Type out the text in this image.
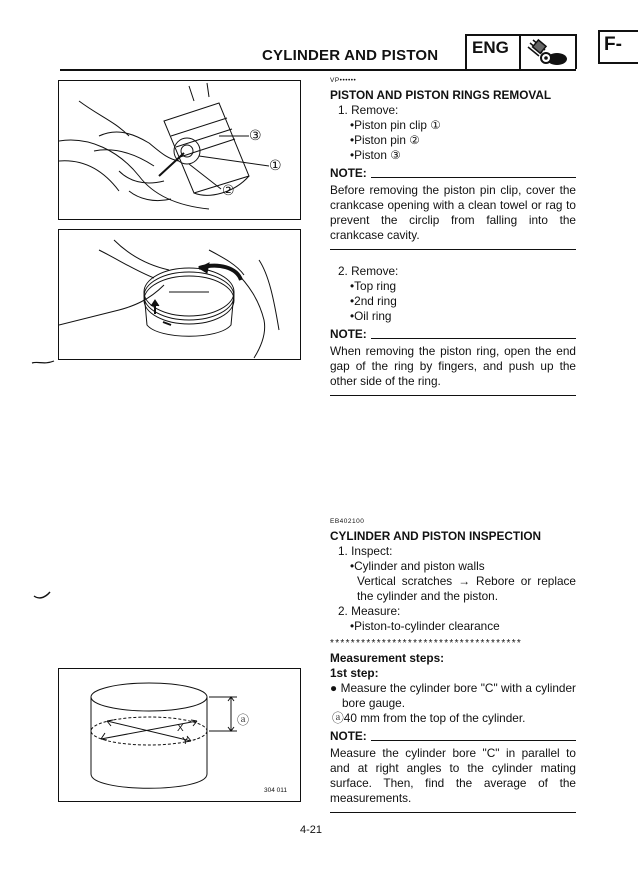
CYLINDER AND PISTON ENG	F-
③
①
②
ⓐ
X
Y
304 011
VP••••••
PISTON AND PISTON RINGS REMOVAL
1. Remove:
•Piston pin clip ①
•Piston pin ②
•Piston ③
NOTE:
Before removing the piston pin clip, cover the crankcase opening with a clean towel or rag to prevent the circlip from falling into the crankcase cavity.
2. Remove:
•Top ring
•2nd ring
•Oil ring
NOTE:
When removing the piston ring, open the end gap of the ring by fingers, and push up the other side of the ring.
EB402100
CYLINDER AND PISTON INSPECTION
1. Inspect:
•Cylinder and piston walls
Vertical scratches → Rebore or replace the cylinder and the piston.
2. Measure:
•Piston-to-cylinder clearance
*************************************
Measurement steps:
1st step:
● Measure the cylinder bore "C" with a cylinder bore gauge.
ⓐ40 mm from the top of the cylinder.
NOTE:
Measure the cylinder bore "C" in parallel to and at right angles to the cylinder mating surface. Then, find the average of the measurements.
4-21
